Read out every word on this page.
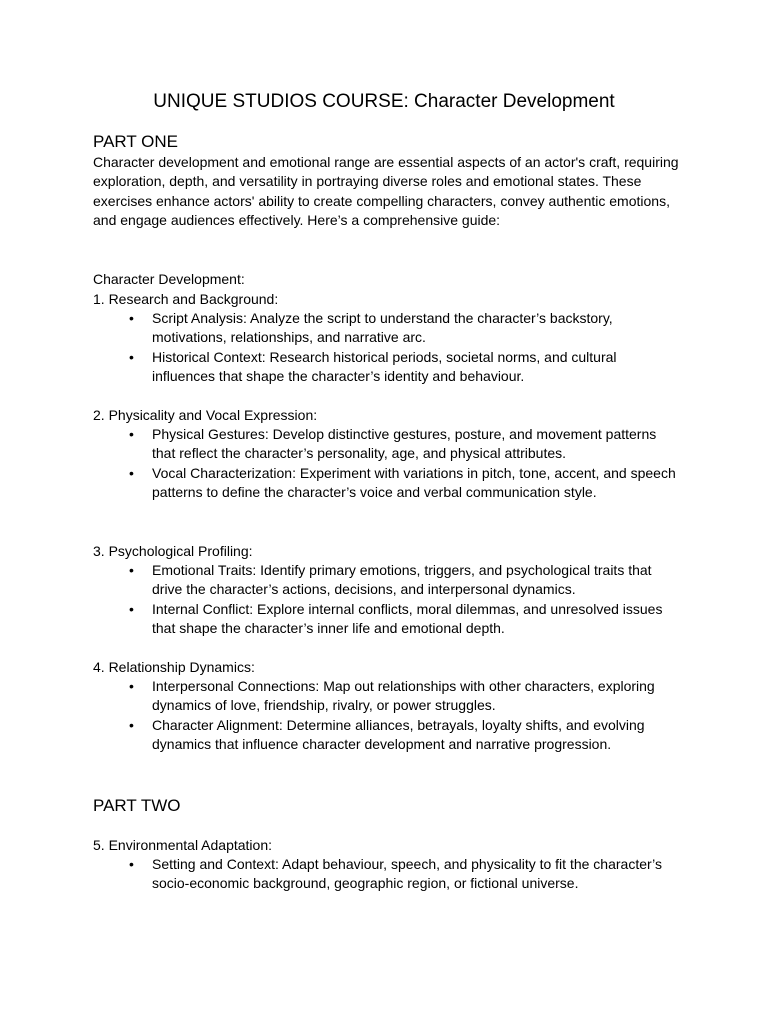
UNIQUE STUDIOS COURSE: Character Development
PART ONE
Character development and emotional range are essential aspects of an actor's craft, requiring exploration, depth, and versatility in portraying diverse roles and emotional states. These exercises enhance actors' ability to create compelling characters, convey authentic emotions, and engage audiences effectively. Here’s a comprehensive guide:
Character Development:
1. Research and Background:
• Script Analysis: Analyze the script to understand the character’s backstory, motivations, relationships, and narrative arc.
• Historical Context: Research historical periods, societal norms, and cultural influences that shape the character’s identity and behaviour.
2. Physicality and Vocal Expression:
• Physical Gestures: Develop distinctive gestures, posture, and movement patterns that reflect the character’s personality, age, and physical attributes.
• Vocal Characterization: Experiment with variations in pitch, tone, accent, and speech patterns to define the character’s voice and verbal communication style.
3. Psychological Profiling:
• Emotional Traits: Identify primary emotions, triggers, and psychological traits that drive the character’s actions, decisions, and interpersonal dynamics.
• Internal Conflict: Explore internal conflicts, moral dilemmas, and unresolved issues that shape the character’s inner life and emotional depth.
4. Relationship Dynamics:
• Interpersonal Connections: Map out relationships with other characters, exploring dynamics of love, friendship, rivalry, or power struggles.
• Character Alignment: Determine alliances, betrayals, loyalty shifts, and evolving dynamics that influence character development and narrative progression.
PART TWO
5. Environmental Adaptation:
• Setting and Context: Adapt behaviour, speech, and physicality to fit the character’s socio-economic background, geographic region, or fictional universe.
